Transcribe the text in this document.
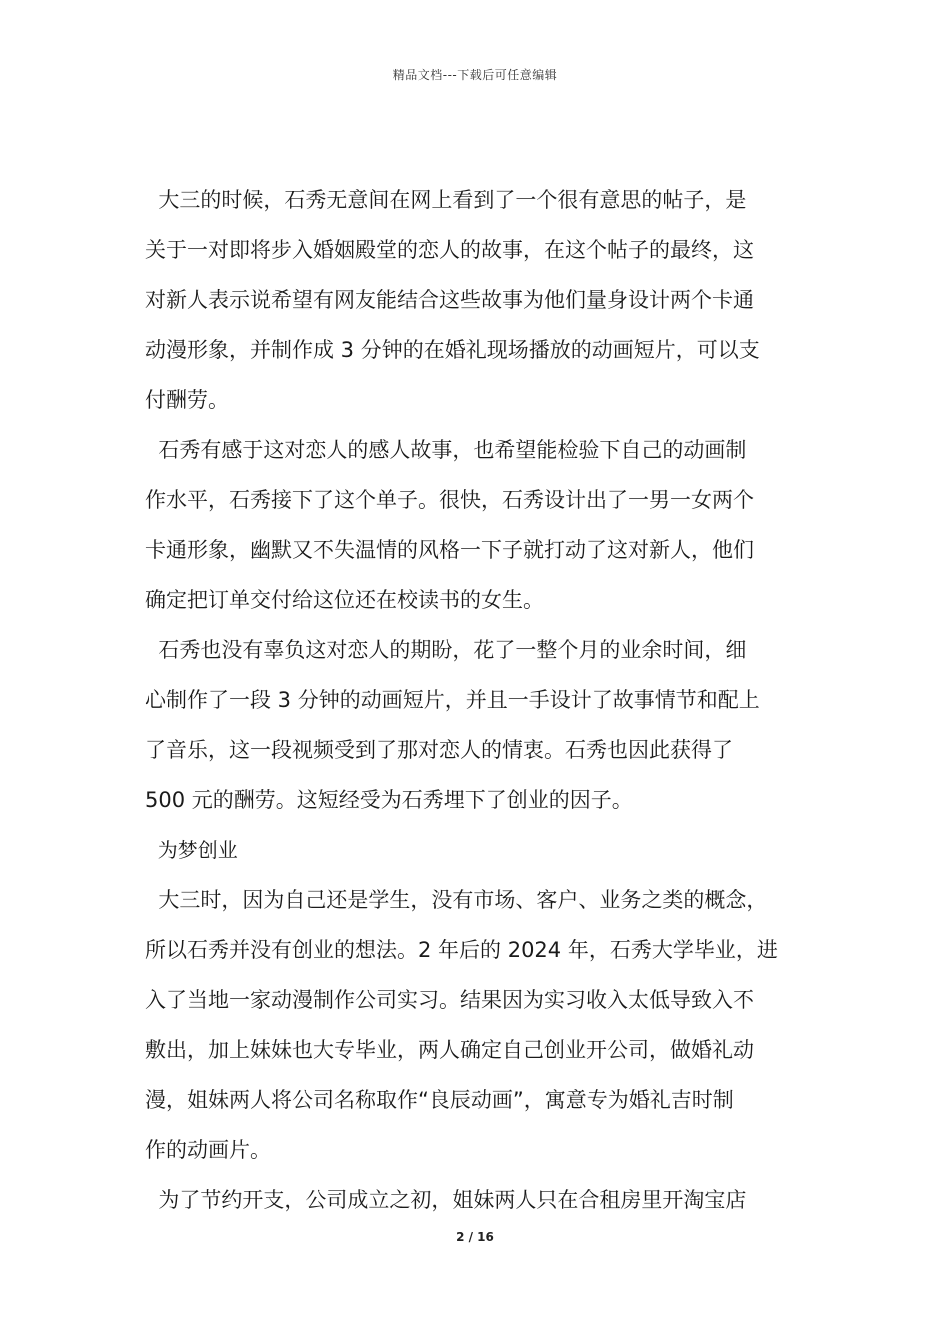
精品文档---下载后可任意编辑
大三的时候，石秀无意间在网上看到了一个很有意思的帖子，是
关于一对即将步入婚姻殿堂的恋人的故事，在这个帖子的最终，这
对新人表示说希望有网友能结合这些故事为他们量身设计两个卡通
动漫形象，并制作成 3 分钟的在婚礼现场播放的动画短片，可以支
付酬劳。
石秀有感于这对恋人的感人故事，也希望能检验下自己的动画制
作水平，石秀接下了这个单子。很快，石秀设计出了一男一女两个
卡通形象，幽默又不失温情的风格一下子就打动了这对新人，他们
确定把订单交付给这位还在校读书的女生。
石秀也没有辜负这对恋人的期盼，花了一整个月的业余时间，细
心制作了一段 3 分钟的动画短片，并且一手设计了故事情节和配上
了音乐，这一段视频受到了那对恋人的情衷。石秀也因此获得了
500 元的酬劳。这短经受为石秀埋下了创业的因子。
为梦创业
大三时，因为自己还是学生，没有市场、客户、业务之类的概念，
所以石秀并没有创业的想法。2 年后的 2024 年，石秀大学毕业，进
入了当地一家动漫制作公司实习。结果因为实习收入太低导致入不
敷出，加上妹妹也大专毕业，两人确定自己创业开公司，做婚礼动
漫，姐妹两人将公司名称取作“良辰动画”，寓意专为婚礼吉时制
作的动画片。
为了节约开支，公司成立之初，姐妹两人只在合租房里开淘宝店
2 / 16
